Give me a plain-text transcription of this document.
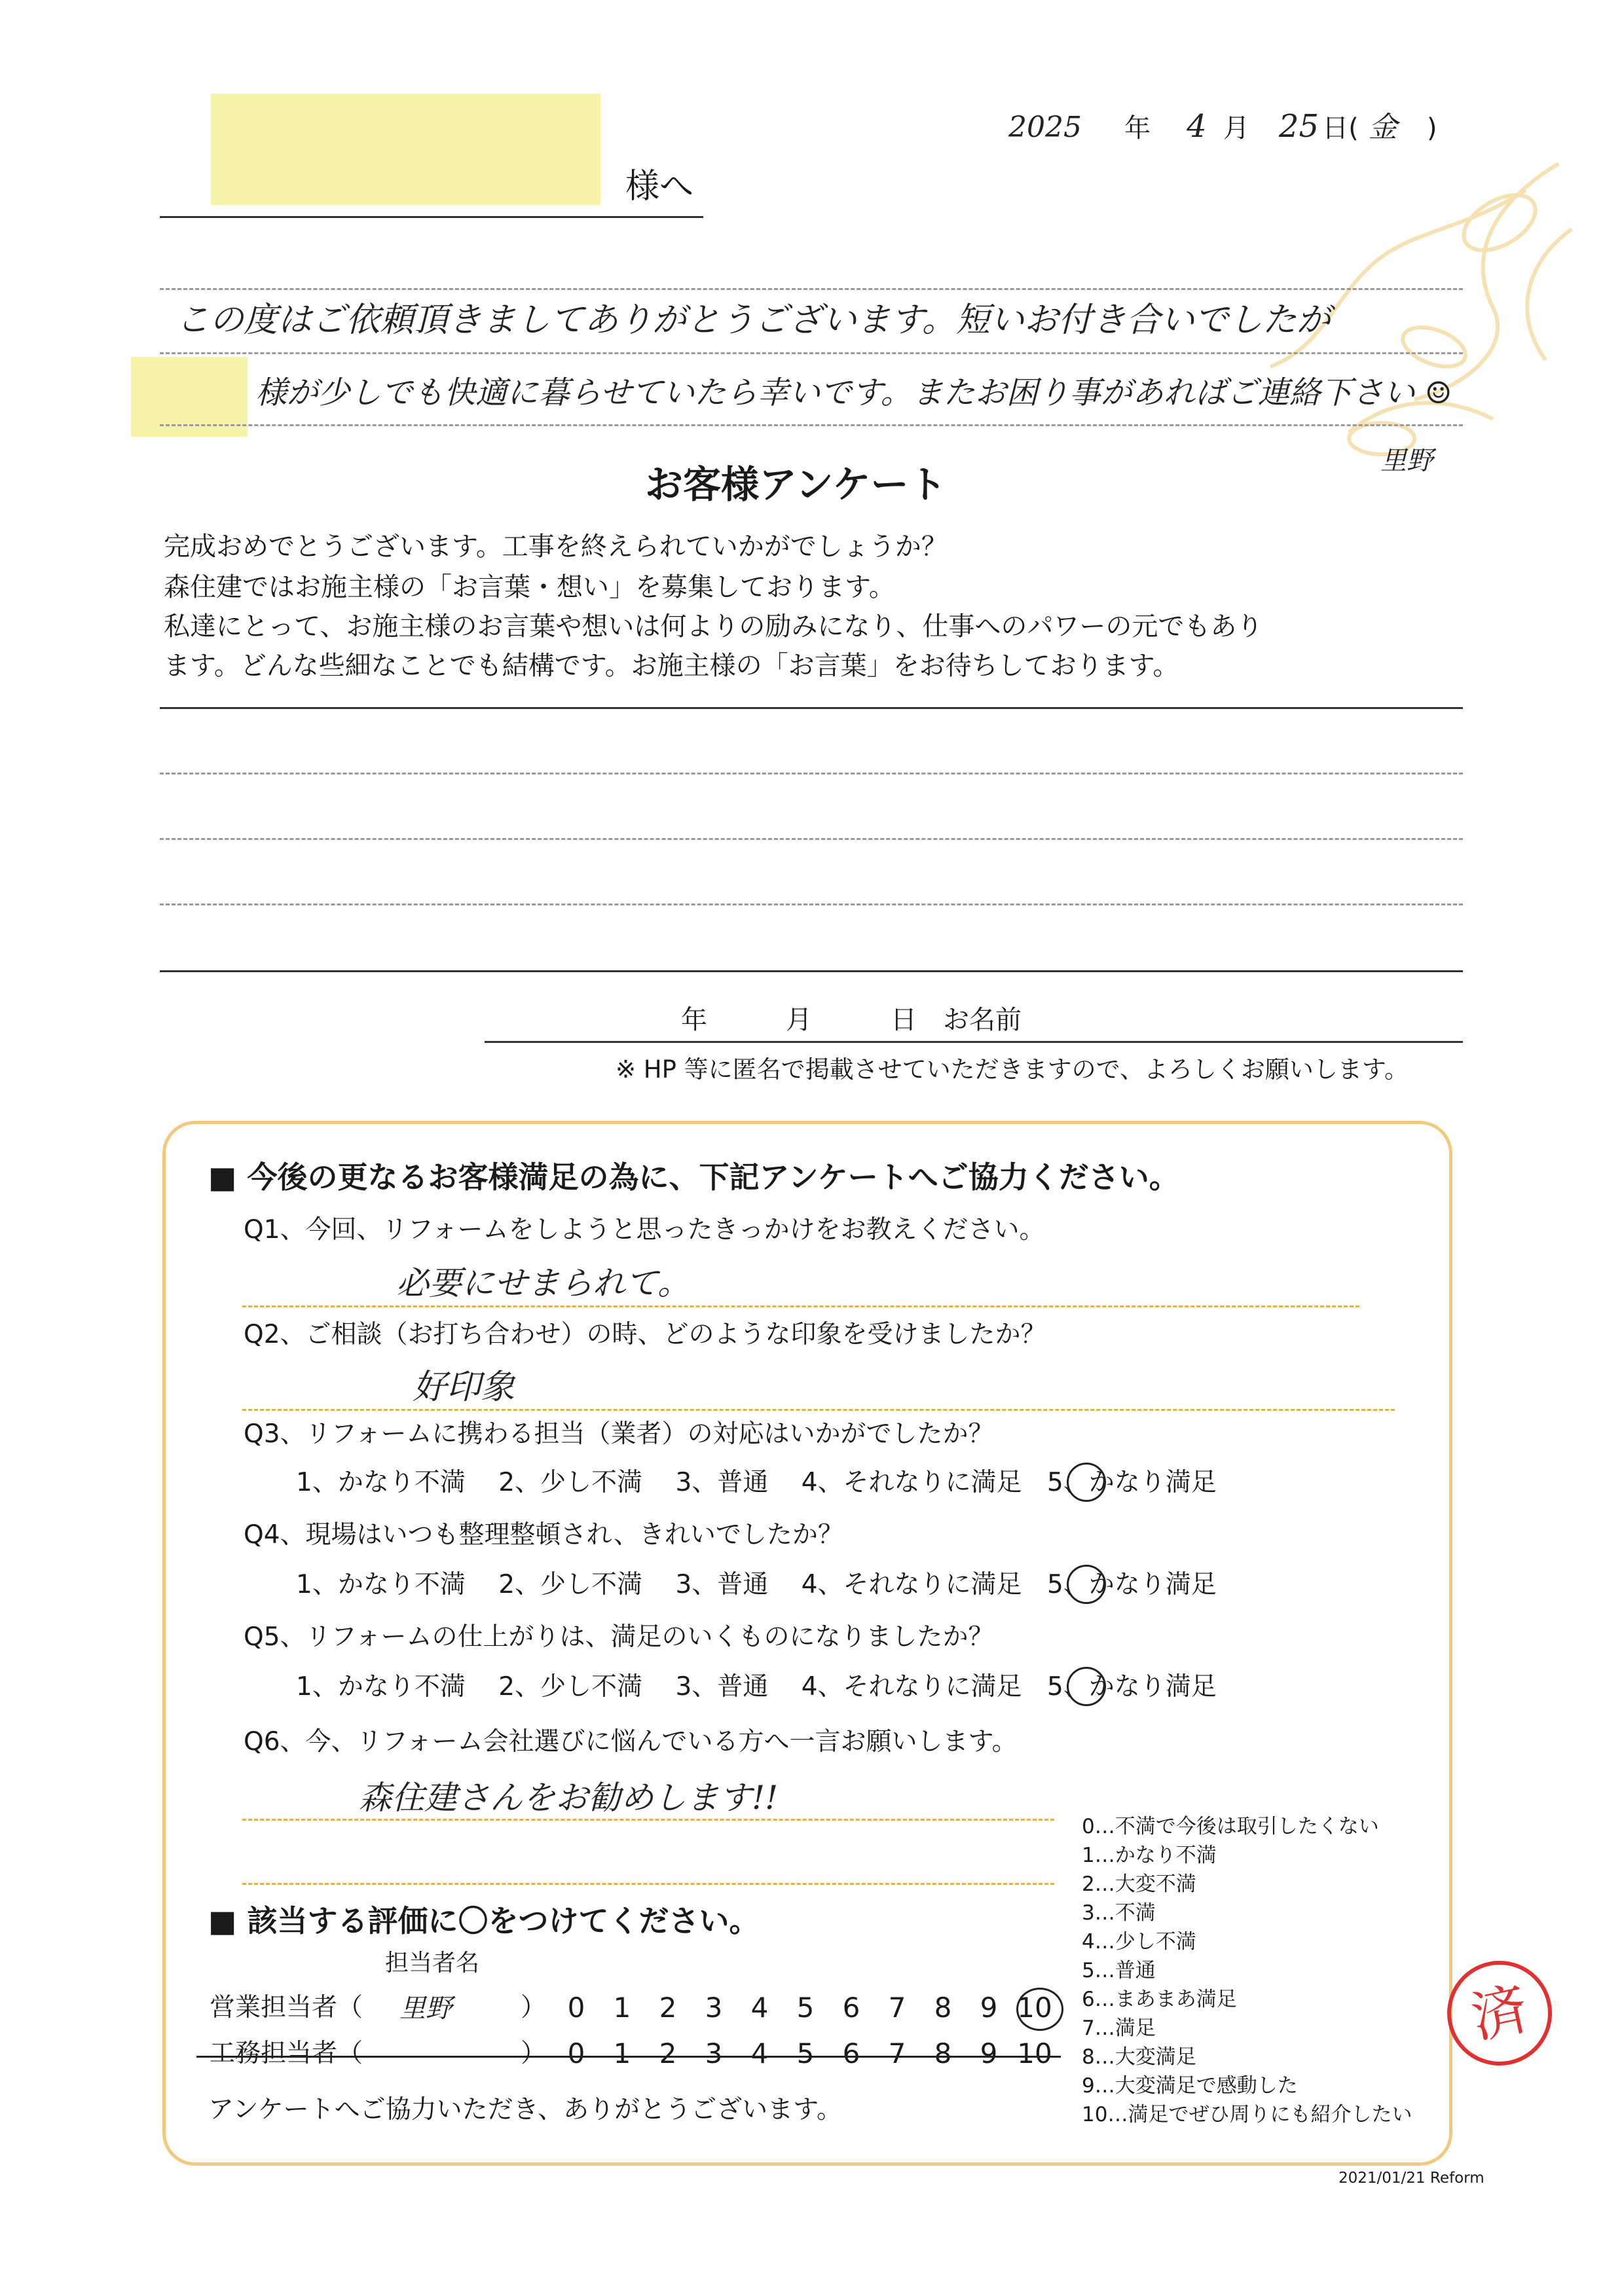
様へ
2025 年 4 月 25 日( 金 )
この度はご依頼頂きましてありがとうございます。短いお付き合いでしたが
様が少しでも快適に暮らせていたら幸いです。またお困り事があればご連絡下さい ☺
里野
お客様アンケート
完成おめでとうございます。工事を終えられていかがでしょうか？
森住建ではお施主様の「お言葉・想い」を募集しております。
私達にとって、お施主様のお言葉や想いは何よりの励みになり、仕事へのパワーの元でもあり
ます。どんな些細なことでも結構です。お施主様の「お言葉」をお待ちしております。
年　　　月　　　日　お名前
※ HP 等に匿名で掲載させていただきますので、よろしくお願いします。
■ 今後の更なるお客様満足の為に、下記アンケートへご協力ください。
Q1、今回、リフォームをしようと思ったきっかけをお教えください。
必要にせまられて。
Q2、ご相談（お打ち合わせ）の時、どのような印象を受けましたか？
好印象
Q3、リフォームに携わる担当（業者）の対応はいかがでしたか？
1、かなり不満 2、少し不満 3、普通 4、それなりに満足 5、かなり満足
Q4、現場はいつも整理整頓され、きれいでしたか？
1、かなり不満 2、少し不満 3、普通 4、それなりに満足 5、かなり満足
Q5、リフォームの仕上がりは、満足のいくものになりましたか？
1、かなり不満 2、少し不満 3、普通 4、それなりに満足 5、かなり満足
Q6、今、リフォーム会社選びに悩んでいる方へ一言お願いします。
森住建さんをお勧めします!!
■ 該当する評価に〇をつけてください。
担当者名
営業担当者（ 里野	） 0 1 2 3 4 5 6 7 8 9 10
工務担当者（	） 0 1 2 3 4 5 6 7 8 9 10
アンケートへご協力いただき、ありがとうございます。
0…不満で今後は取引したくない
1…かなり不満
2…大変不満
3…不満
4…少し不満
5…普通
6…まあまあ満足
7…満足
8…大変満足
9…大変満足で感動した
10…満足でぜひ周りにも紹介したい
済
2021/01/21 Reform
